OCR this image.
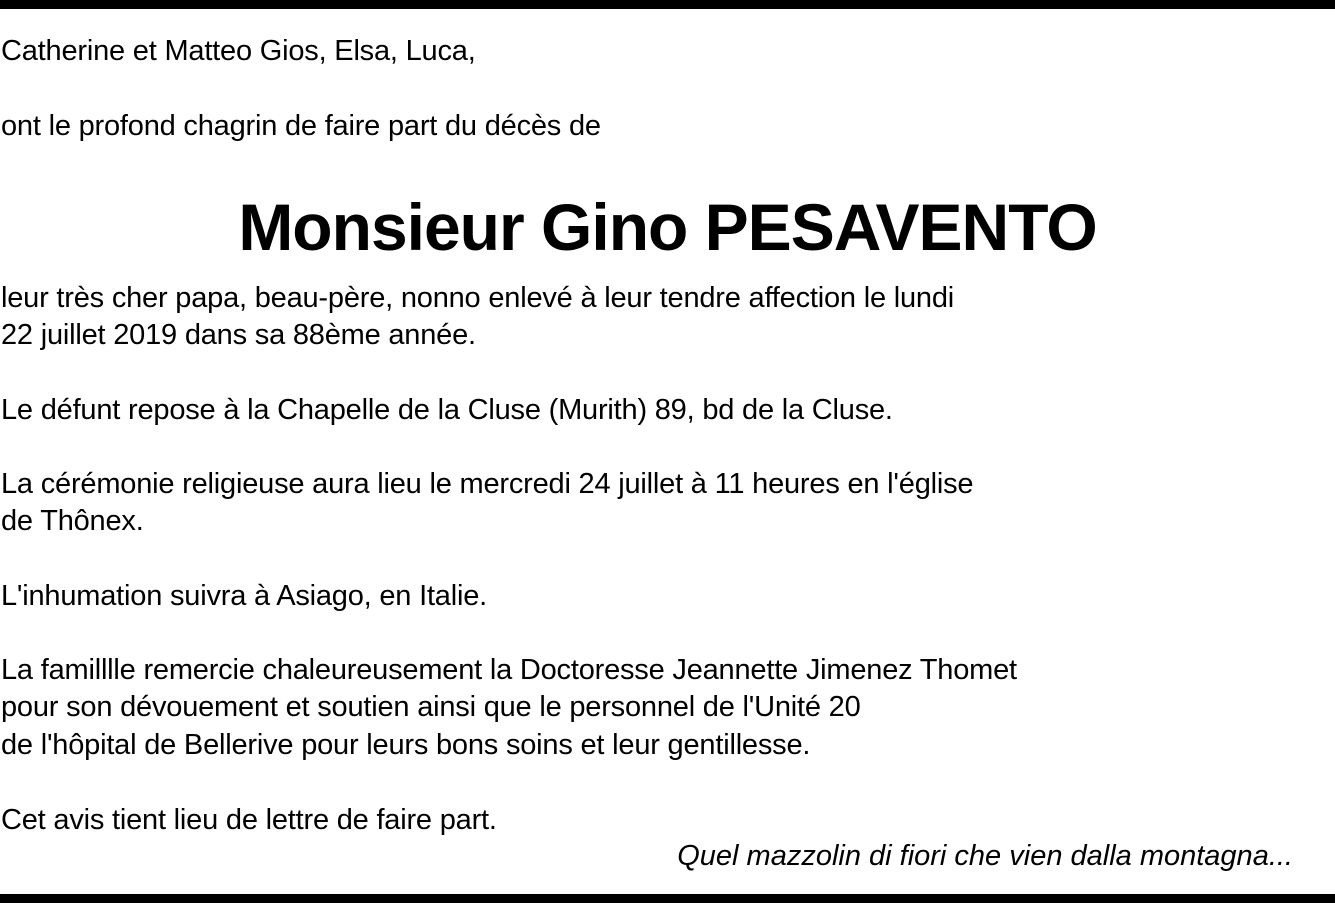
Catherine et Matteo Gios, Elsa, Luca,
ont le profond chagrin de faire part du décès de
Monsieur Gino PESAVENTO
leur très cher papa, beau-père, nonno enlevé à leur tendre affection le lundi
22 juillet 2019 dans sa 88ème année.
Le défunt repose à la Chapelle de la Cluse (Murith) 89, bd de la Cluse.
La cérémonie religieuse aura lieu le mercredi 24 juillet à 11 heures en l'église
de Thônex.
L'inhumation suivra à Asiago, en Italie.
La familllle remercie chaleureusement la Doctoresse Jeannette Jimenez Thomet
pour son dévouement et soutien ainsi que le personnel de l'Unité 20
de l'hôpital de Bellerive pour leurs bons soins et leur gentillesse.
Cet avis tient lieu de lettre de faire part.
Quel mazzolin di fiori che vien dalla montagna...
